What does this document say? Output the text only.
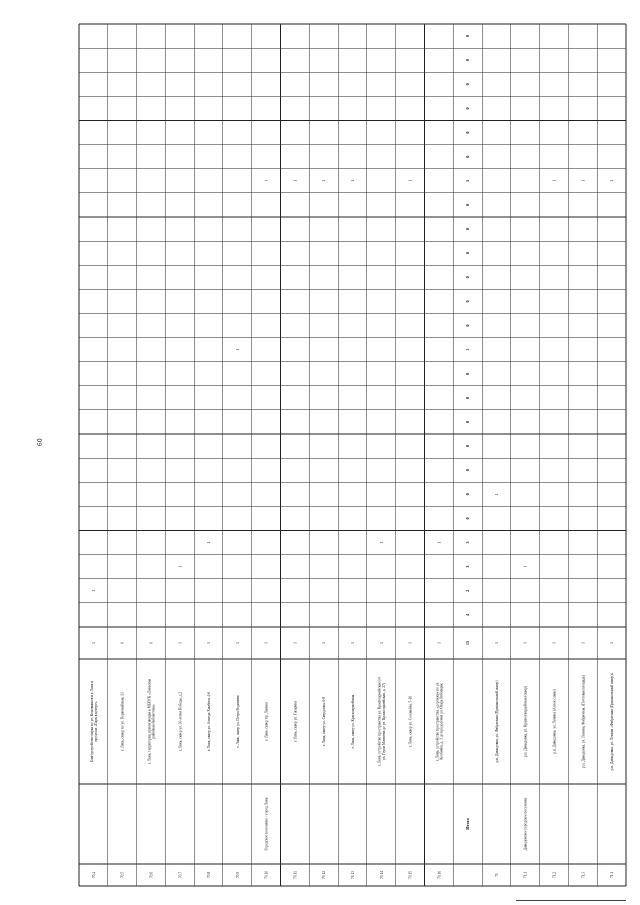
60
70.4
Благоустройство парка по ул. Кожевников в г. Лянь в пределах «Парк в центре»
1
1
70.5
г. Лянь, сквер по ул. Первомайская, 13
0
70.6
г. Лянь, территория, прилегающая к МБОУК «Ляньская районная библиотека»
0
70.7
г. Лянь, сквер ул. 30-летия Победы, д.2
1
1
70.8
г. Лянь, сквер ул. Ахмеда Хамбеги, 4-6
1
1
70.9
г. Лянь, сквер ул. Петра Родишева
1
1
70.10
Городское поселение – город Лянь
г. Лянь, сквер пр. Ленина
1
1
70.11
г. Лянь, сквер ул. Гагарина
1
1
70.12
г. Лянь, сквер ул. Свердлова, 6-8
1
1
70.13
г. Лянь, сквер ул. Красноармейская
1
1
70.14
г. Лянь, устройство пространства ул. Красноармейская (от ул. Герои Матвеева до ул. Красноармейская, д. 27)
1
1
70.15
г. Лянь, сквер ул. Соловьёва, 5-16
1
1
70.16
г. Лянь, устройство пространства, «дорожки» по ул. Колбевна, д. 1 до продоления ул. Огарь Рябовщик
1
1
Итого
15
4
2
3
3
0
0
0
0
0
0
0
1
0
0
0
0
0
0
5
0
0
0
0
0
0
71
р.п. Давыдовка, ул. Фабричная (Пришкольный сквер)
1
1
71.1
Давыдовское городское поселение
р.п. Давыдовка, ул. Красногвардейская (сквер)
1
1
71.2
р.п. Давыдовка, ул. Ленина (Аллея славы)
1
1
71.3
р.п. Давыдовка, ул. Ленина, Фабричная, (Почтовая площадь)
1
1
71.4
р.п. Давыдовка, ул. Ленина «Фабричная (Пришкольный сквер)»
1
1
